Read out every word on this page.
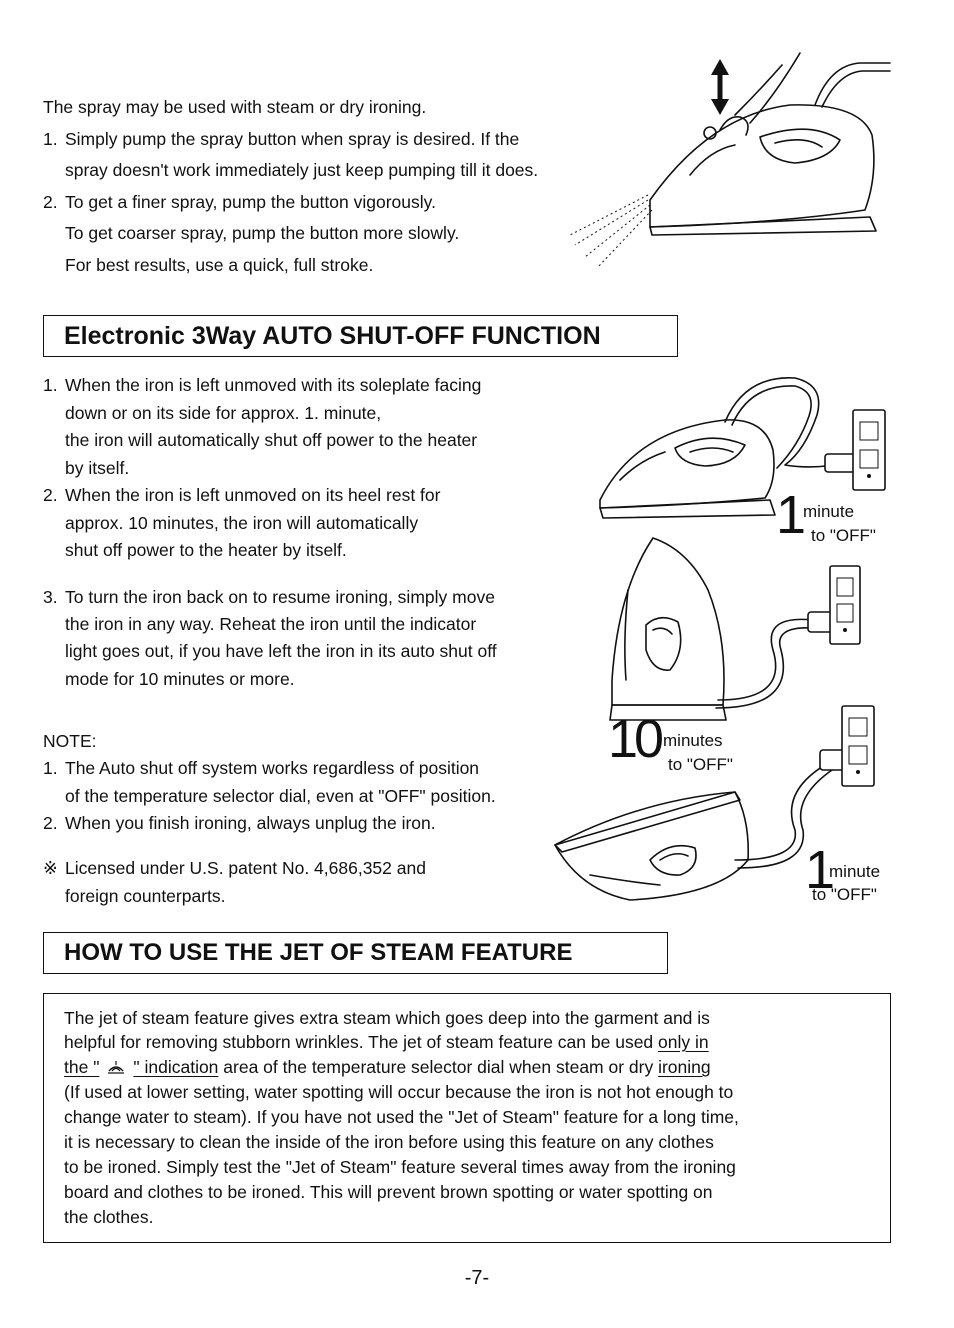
The spray may be used with steam or dry ironing.
1. Simply pump the spray button when spray is desired. If the
spray doesn't work immediately just keep pumping till it does.
2. To get a finer spray, pump the button vigorously.
To get coarser spray, pump the button more slowly.
For best results, use a quick, full stroke.
Electronic 3Way AUTO SHUT-OFF FUNCTION
1. When the iron is left unmoved with its soleplate facing
down or on its side for approx. 1. minute,
the iron will automatically shut off power to the heater
by itself.
2. When the iron is left unmoved on its heel rest for
approx. 10 minutes, the iron will automatically
shut off power to the heater by itself.
3. To turn the iron back on to resume ironing, simply move
the iron in any way. Reheat the iron until the indicator
light goes out, if you have left the iron in its auto shut off
mode for 10 minutes or more.
NOTE:
1. The Auto shut off system works regardless of position
of the temperature selector dial, even at "OFF" position.
2. When you finish ironing, always unplug the iron.
※ Licensed under U.S. patent No. 4,686,352 and
foreign counterparts.
1
minute
to "OFF"
10 minutes
to "OFF"
1
minute
to "OFF"
HOW TO USE THE JET OF STEAM FEATURE
The jet of steam feature gives extra steam which goes deep into the garment and is
helpful for removing stubborn wrinkles. The jet of steam feature can be used only in
the " " indication area of the temperature selector dial when steam or dry ironing
(If used at lower setting, water spotting will occur because the iron is not hot enough to
change water to steam). If you have not used the "Jet of Steam" feature for a long time,
it is necessary to clean the inside of the iron before using this feature on any clothes
to be ironed. Simply test the "Jet of Steam" feature several times away from the ironing
board and clothes to be ironed. This will prevent brown spotting or water spotting on
the clothes.
-7-
